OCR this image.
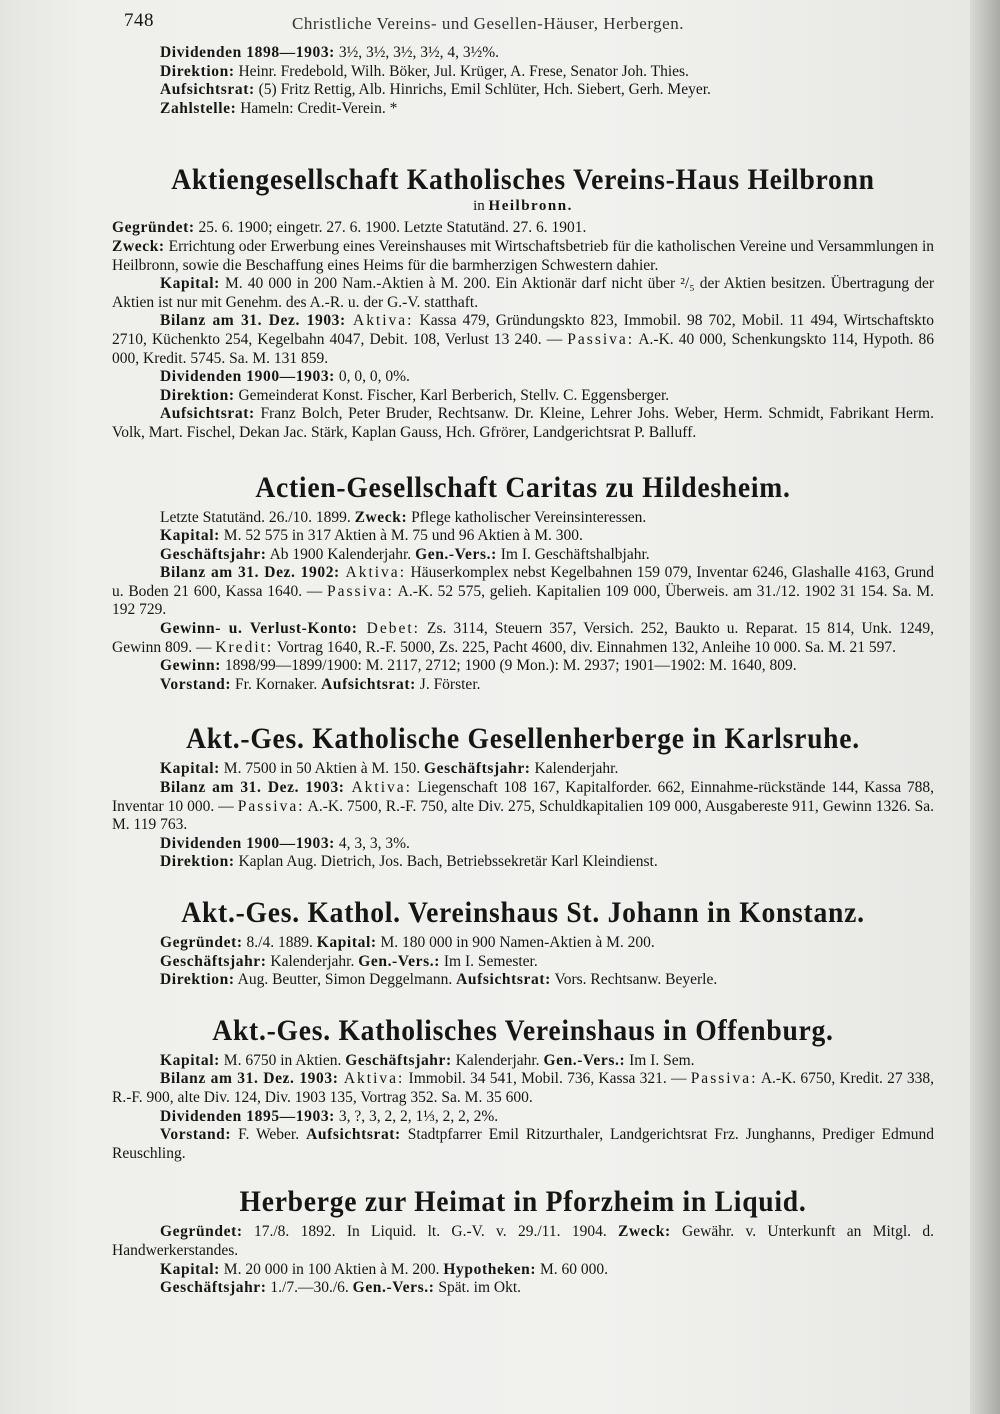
748	Christliche Vereins- und Gesellen-Häuser, Herbergen.

Dividenden 1898—1903: 3½, 3½, 3½, 3½, 4, 3½%.

Direktion: Heinr. Fredebold, Wilh. Böker, Jul. Krüger, A. Frese, Senator Joh. Thies.

Aufsichtsrat: (5) Fritz Rettig, Alb. Hinrichs, Emil Schlüter, Hch. Siebert, Gerh. Meyer.

Zahlstelle: Hameln: Credit-Verein. *

Aktiengesellschaft Katholisches Vereins-Haus Heilbronn
in Heilbronn.

Gegründet: 25. 6. 1900; eingetr. 27. 6. 1900. Letzte Statutänd. 27. 6. 1901.

Zweck: Errichtung oder Erwerbung eines Vereinshauses mit Wirtschaftsbetrieb für die katholischen Vereine und Versammlungen in Heilbronn, sowie die Beschaffung eines Heims für die barmherzigen Schwestern dahier.

Kapital: M. 40 000 in 200 Nam.-Aktien à M. 200. Ein Aktionär darf nicht über ²/₅ der Aktien besitzen. Übertragung der Aktien ist nur mit Genehm. des A.-R. u. der G.-V. statthaft.

Bilanz am 31. Dez. 1903: Aktiva: Kassa 479, Gründungskto 823, Immobil. 98 702, Mobil. 11 494, Wirtschaftskto 2710, Küchenkto 254, Kegelbahn 4047, Debit. 108, Verlust 13 240. — Passiva: A.-K. 40 000, Schenkungskto 114, Hypoth. 86 000, Kredit. 5745. Sa. M. 131 859.

Dividenden 1900—1903: 0, 0, 0, 0%.

Direktion: Gemeinderat Konst. Fischer, Karl Berberich, Stellv. C. Eggensberger.

Aufsichtsrat: Franz Bolch, Peter Bruder, Rechtsanw. Dr. Kleine, Lehrer Johs. Weber, Herm. Schmidt, Fabrikant Herm. Volk, Mart. Fischel, Dekan Jac. Stärk, Kaplan Gauss, Hch. Gfrörer, Landgerichtsrat P. Balluff.

Actien-Gesellschaft Caritas zu Hildesheim.

Letzte Statutänd. 26./10. 1899. Zweck: Pflege katholischer Vereinsinteressen.

Kapital: M. 52 575 in 317 Aktien à M. 75 und 96 Aktien à M. 300.

Geschäftsjahr: Ab 1900 Kalenderjahr. Gen.-Vers.: Im I. Geschäftshalbjahr.

Bilanz am 31. Dez. 1902: Aktiva: Häuserkomplex nebst Kegelbahnen 159 079, Inventar 6246, Glashalle 4163, Grund u. Boden 21 600, Kassa 1640. — Passiva: A.-K. 52 575, gelieh. Kapitalien 109 000, Überweis. am 31./12. 1902 31 154. Sa. M. 192 729.

Gewinn- u. Verlust-Konto: Debet: Zs. 3114, Steuern 357, Versich. 252, Baukto u. Reparat. 15 814, Unk. 1249, Gewinn 809. — Kredit: Vortrag 1640, R.-F. 5000, Zs. 225, Pacht 4600, div. Einnahmen 132, Anleihe 10 000. Sa. M. 21 597.

Gewinn: 1898/99—1899/1900: M. 2117, 2712; 1900 (9 Mon.): M. 2937; 1901—1902: M. 1640, 809.

Vorstand: Fr. Kornaker. Aufsichtsrat: J. Förster.

Akt.-Ges. Katholische Gesellenherberge in Karlsruhe.

Kapital: M. 7500 in 50 Aktien à M. 150. Geschäftsjahr: Kalenderjahr.

Bilanz am 31. Dez. 1903: Aktiva: Liegenschaft 108 167, Kapitalforder. 662, Einnahme-rückstände 144, Kassa 788, Inventar 10 000. — Passiva: A.-K. 7500, R.-F. 750, alte Div. 275, Schuldkapitalien 109 000, Ausgabereste 911, Gewinn 1326. Sa. M. 119 763.

Dividenden 1900—1903: 4, 3, 3, 3%.

Direktion: Kaplan Aug. Dietrich, Jos. Bach, Betriebssekretär Karl Kleindienst.

Akt.-Ges. Kathol. Vereinshaus St. Johann in Konstanz.

Gegründet: 8./4. 1889. Kapital: M. 180 000 in 900 Namen-Aktien à M. 200.

Geschäftsjahr: Kalenderjahr. Gen.-Vers.: Im I. Semester.

Direktion: Aug. Beutter, Simon Deggelmann. Aufsichtsrat: Vors. Rechtsanw. Beyerle.

Akt.-Ges. Katholisches Vereinshaus in Offenburg.

Kapital: M. 6750 in Aktien. Geschäftsjahr: Kalenderjahr. Gen.-Vers.: Im I. Sem.

Bilanz am 31. Dez. 1903: Aktiva: Immobil. 34 541, Mobil. 736, Kassa 321. — Passiva: A.-K. 6750, Kredit. 27 338, R.-F. 900, alte Div. 124, Div. 1903 135, Vortrag 352. Sa. M. 35 600.

Dividenden 1895—1903: 3, ?, 3, 2, 2, 1⅓, 2, 2, 2%.

Vorstand: F. Weber. Aufsichtsrat: Stadtpfarrer Emil Ritzurthaler, Landgerichtsrat Frz. Junghanns, Prediger Edmund Reuschling.

Herberge zur Heimat in Pforzheim in Liquid.

Gegründet: 17./8. 1892. In Liquid. lt. G.-V. v. 29./11. 1904. Zweck: Gewähr. v. Unterkunft an Mitgl. d. Handwerkerstandes.

Kapital: M. 20 000 in 100 Aktien à M. 200. Hypotheken: M. 60 000.

Geschäftsjahr: 1./7.—30./6. Gen.-Vers.: Spät. im Okt.
